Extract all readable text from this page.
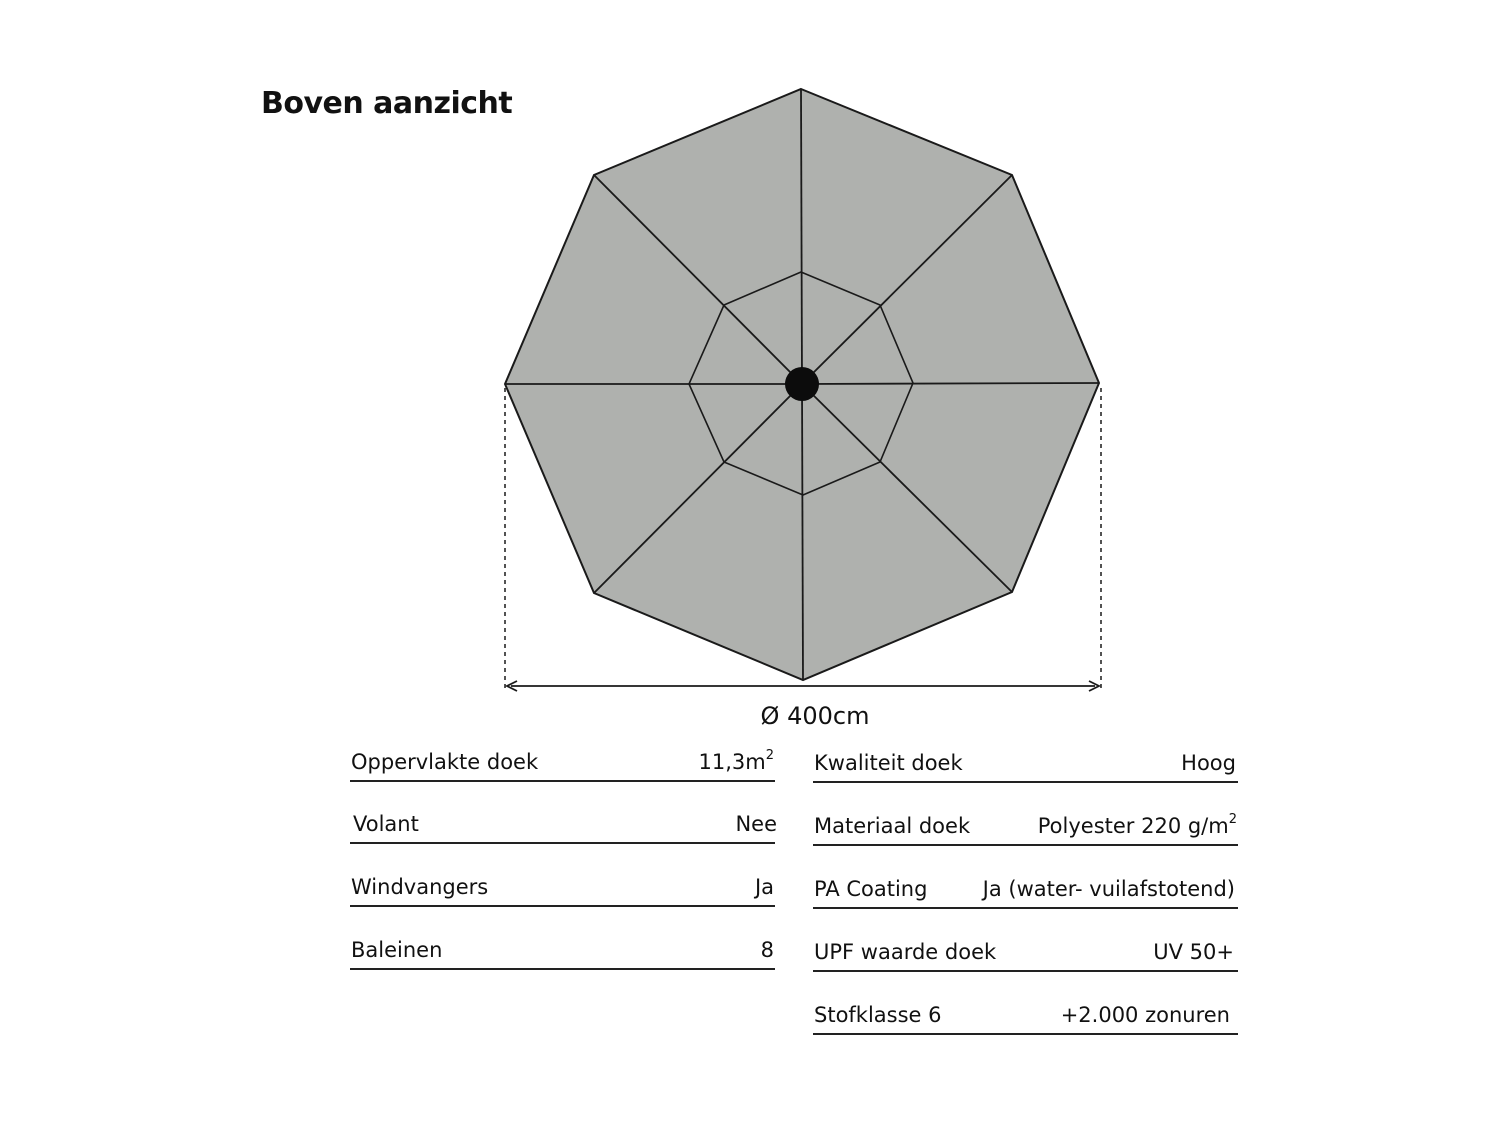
Boven aanzicht
Ø 400cm
Oppervlakte doek	$11,3m^2$
Volant	Nee
Windvangers	Ja
Baleinen	8
Kwaliteit doek	Hoog
Materiaal doek	Polyester 220 $g/m^2$
PA Coating	Ja (water- vuilafstotend)
UPF waarde doek	UV 50+
Stofklasse 6	+2.000 zonuren
